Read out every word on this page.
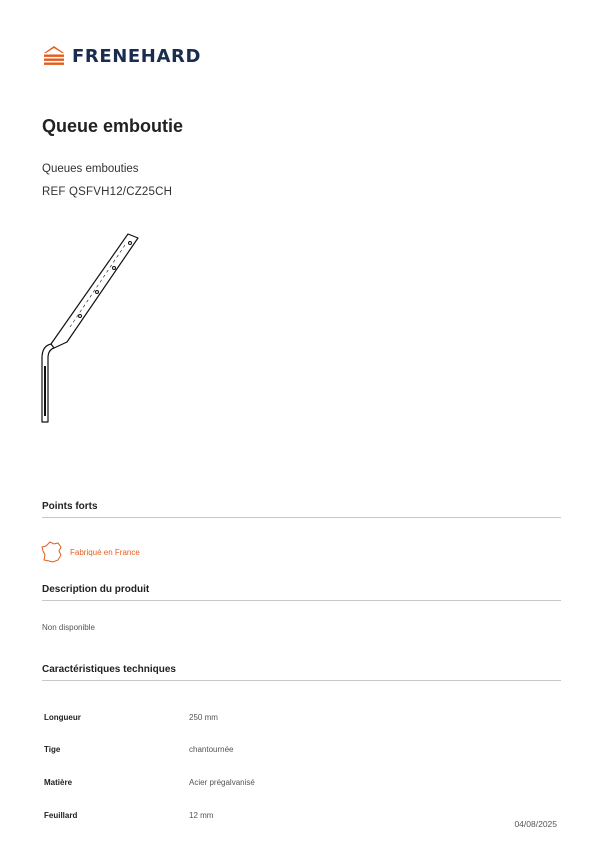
FRENEHARD
Queue emboutie
Queues embouties
REF QSFVH12/CZ25CH
Points forts
Fabriqué en France
Description du produit
Non disponible
Caractéristiques techniques
Longueur	250 mm
Tige	chantournée
Matière	Acier prégalvanisé
Feuillard	12 mm
04/08/2025
